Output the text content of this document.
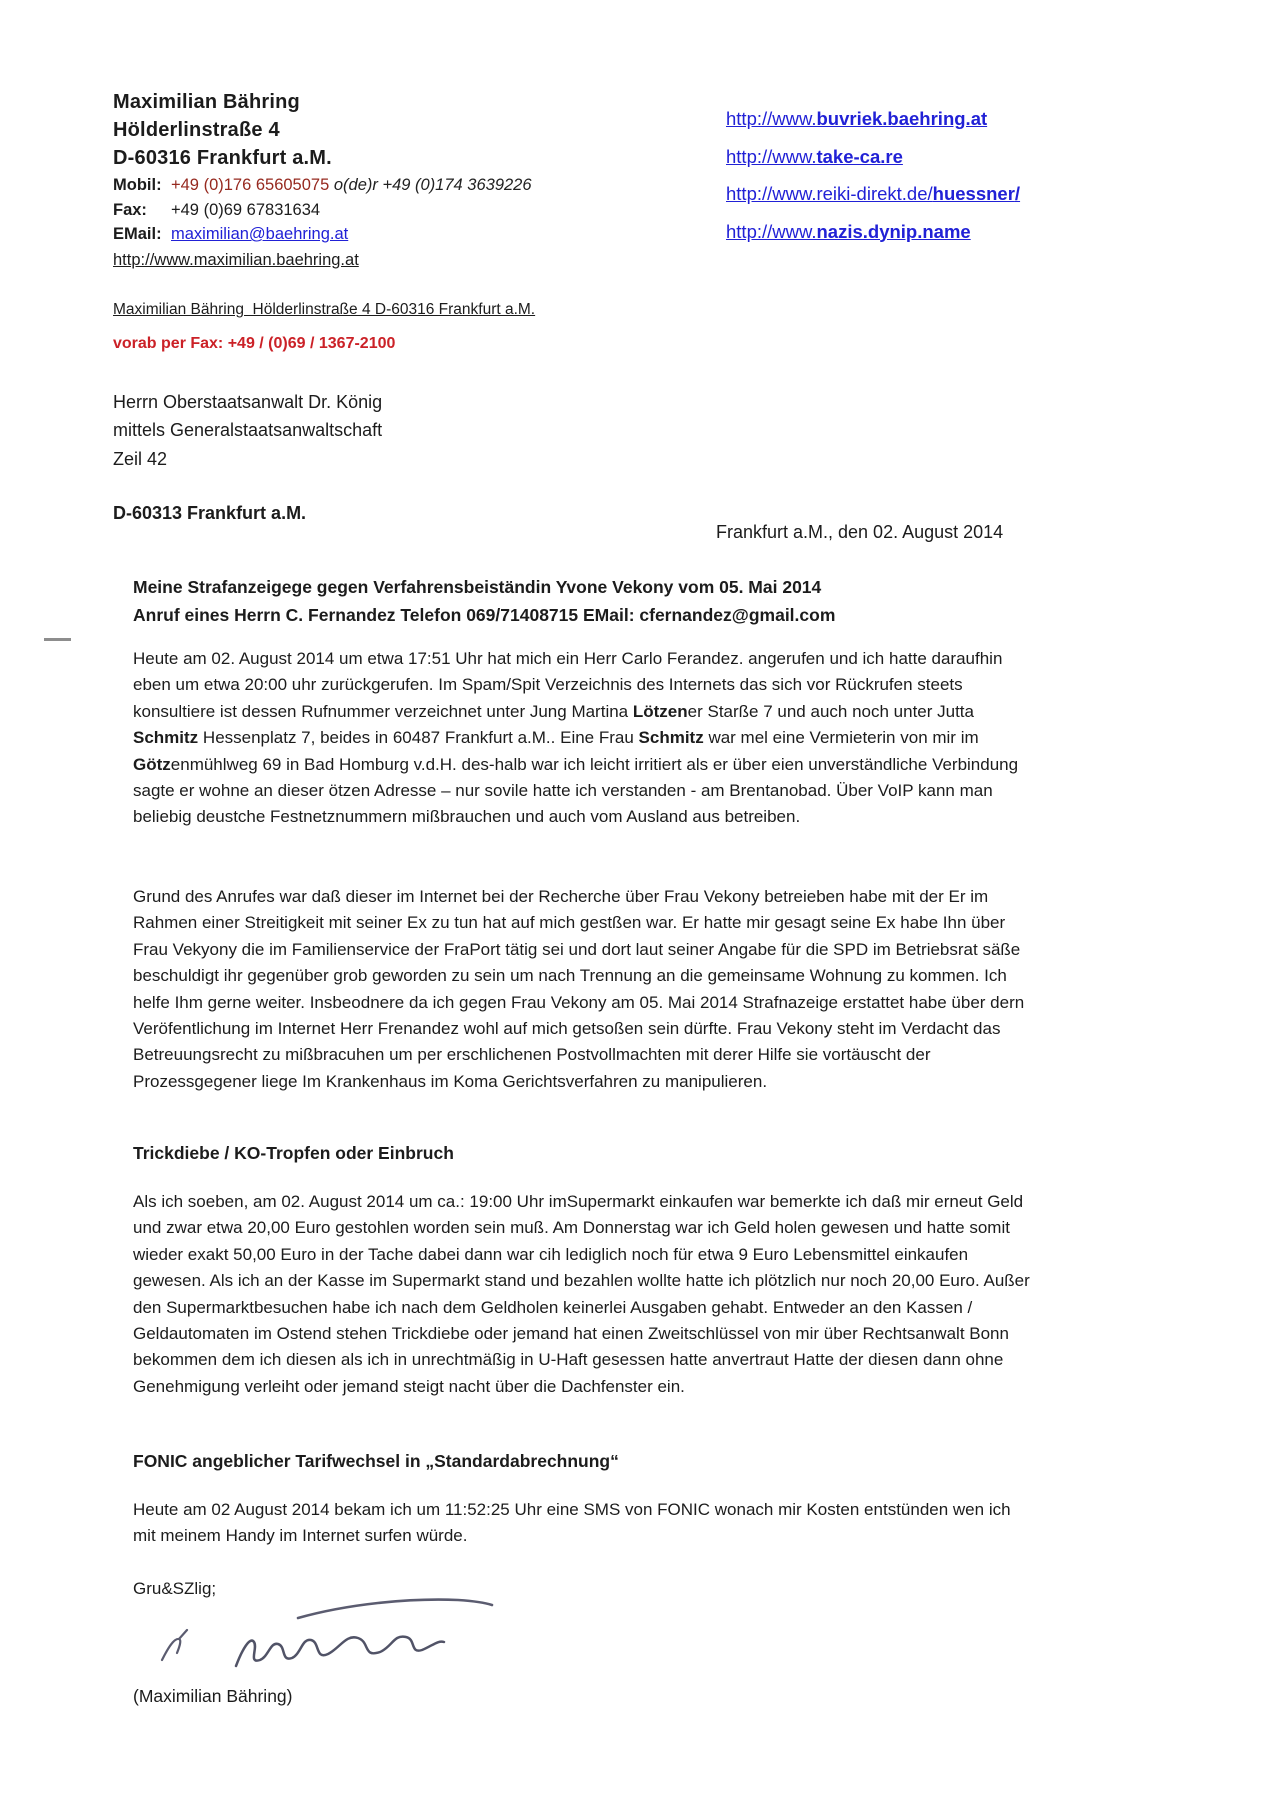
Maximilian Bähring
Hölderlinstraße 4
D-60316 Frankfurt a.M.
Mobil: +49 (0)176 65605075 o(de)r +49 (0)174 3639226
Fax: +49 (0)69 67831634
EMail: maximilian@baehring.at
http://www.maximilian.baehring.at
http://www.buvriek.baehring.at
http://www.take-ca.re
http://www.reiki-direkt.de/huessner/
http://www.nazis.dynip.name
Maximilian Bähring  Hölderlinstraße 4 D-60316 Frankfurt a.M.
vorab per Fax: +49 / (0)69 / 1367-2100
Herrn Oberstaatsanwalt Dr. König
mittels Generalstaatsanwaltschaft
Zeil 42
D-60313 Frankfurt a.M.
Frankfurt a.M., den 02. August 2014
Meine Strafanzeigege gegen Verfahrensbeiständin Yvone Vekony vom 05. Mai 2014
Anruf eines Herrn C. Fernandez Telefon 069/71408715 EMail: cfernandez@gmail.com
Heute am 02. August 2014 um etwa 17:51 Uhr hat mich ein Herr Carlo Ferandez. angerufen und ich hatte daraufhin eben um etwa 20:00 uhr zurückgerufen. Im Spam/Spit Verzeichnis des Internets das sich vor Rückrufen steets konsultiere ist dessen Rufnummer verzeichnet unter Jung Martina Lötzener Starße 7 und auch noch unter Jutta Schmitz Hessenplatz 7, beides in 60487 Frankfurt a.M.. Eine Frau Schmitz war mel eine Vermieterin von mir im Götzenmühlweg 69 in Bad Homburg v.d.H. des-halb war ich leicht irritiert als er über eien unverständliche Verbindung sagte er wohne an dieser ötzen Adresse – nur sovile hatte ich verstanden - am Brentanobad. Über VoIP kann man beliebig deustche Festnetznummern mißbrauchen und auch vom Ausland aus betreiben.
Grund des Anrufes war daß dieser im Internet bei der Recherche über Frau Vekony betreieben habe mit der Er im Rahmen einer Streitigkeit mit seiner Ex zu tun hat auf mich gestßen war. Er hatte mir gesagt seine Ex habe Ihn über Frau Vekyony die im Familienservice der FraPort tätig sei und dort laut seiner Angabe für die SPD im Betriebsrat säße beschuldigt ihr gegenüber grob geworden zu sein um nach Trennung an die gemeinsame Wohnung zu kommen. Ich helfe Ihm gerne weiter. Insbeodnere da ich gegen Frau Vekony am 05. Mai 2014 Strafnazeige erstattet habe über dern Veröfentlichung im Internet Herr Frenandez wohl auf mich getsoßen sein dürfte. Frau Vekony steht im Verdacht das Betreuungsrecht zu mißbracuhen um per erschlichenen Postvollmachten mit derer Hilfe sie vortäuscht der Prozessgegener liege Im Krankenhaus im Koma Gerichtsverfahren zu manipulieren.
Trickdiebe / KO-Tropfen oder Einbruch
Als ich soeben, am 02. August 2014 um ca.: 19:00 Uhr imSupermarkt einkaufen war bemerkte ich daß mir erneut Geld und zwar etwa 20,00 Euro gestohlen worden sein muß. Am Donnerstag war ich Geld holen gewesen und hatte somit wieder exakt 50,00 Euro in der Tache dabei dann war cih lediglich noch für etwa 9 Euro Lebensmittel einkaufen gewesen. Als ich an der Kasse im Supermarkt stand und bezahlen wollte hatte ich plötzlich nur noch 20,00 Euro. Außer den Supermarktbesuchen habe ich nach dem Geldholen keinerlei Ausgaben gehabt. Entweder an den Kassen / Geldautomaten im Ostend stehen Trickdiebe oder jemand hat einen Zweitschlüssel von mir über Rechtsanwalt Bonn bekommen dem ich diesen als ich in unrechtmäßig in U-Haft gesessen hatte anvertraut Hatte der diesen dann ohne Genehmigung verleiht oder jemand steigt nacht über die Dachfenster ein.
FONIC angeblicher Tarifwechsel in „Standardabrechnung“
Heute am 02 August 2014 bekam ich um 11:52:25 Uhr eine SMS von FONIC wonach mir Kosten entstünden wen ich mit meinem Handy im Internet surfen würde.
Gru&SZlig;
(Maximilian Bähring)
